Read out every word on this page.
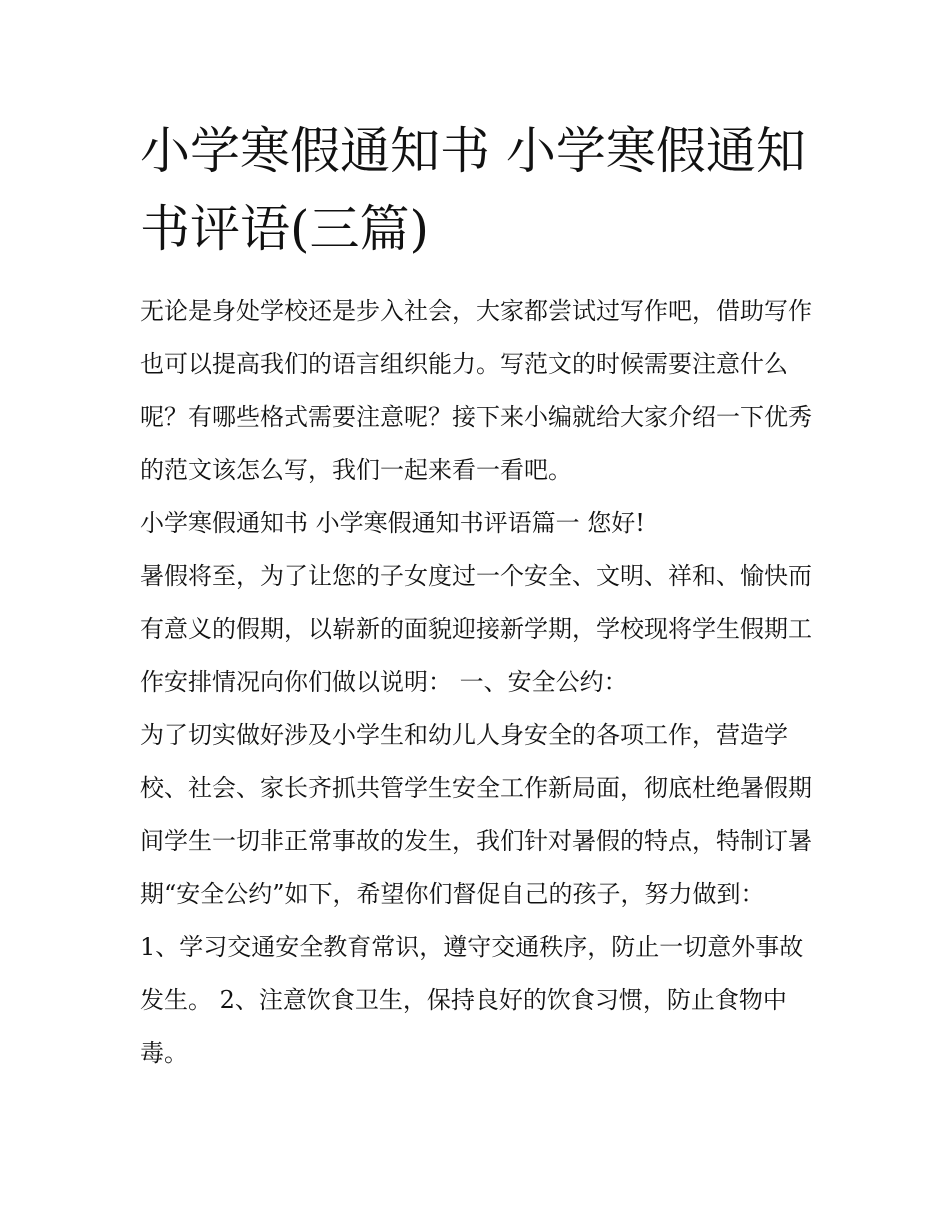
小学寒假通知书 小学寒假通知书评语(三篇)

无论是身处学校还是步入社会，大家都尝试过写作吧，借助写作也可以提高我们的语言组织能力。写范文的时候需要注意什么呢？有哪些格式需要注意呢？接下来小编就给大家介绍一下优秀的范文该怎么写，我们一起来看一看吧。

小学寒假通知书 小学寒假通知书评语篇一 您好!

暑假将至，为了让您的子女度过一个安全、文明、祥和、愉快而有意义的假期，以崭新的面貌迎接新学期，学校现将学生假期工作安排情况向你们做以说明： 一、安全公约：

为了切实做好涉及小学生和幼儿人身安全的各项工作，营造学校、社会、家长齐抓共管学生安全工作新局面，彻底杜绝暑假期间学生一切非正常事故的发生，我们针对暑假的特点，特制订暑期“安全公约”如下，希望你们督促自己的孩子，努力做到：

1、学习交通安全教育常识，遵守交通秩序，防止一切意外事故发生。 2、注意饮食卫生，保持良好的饮食习惯，防止食物中毒。
